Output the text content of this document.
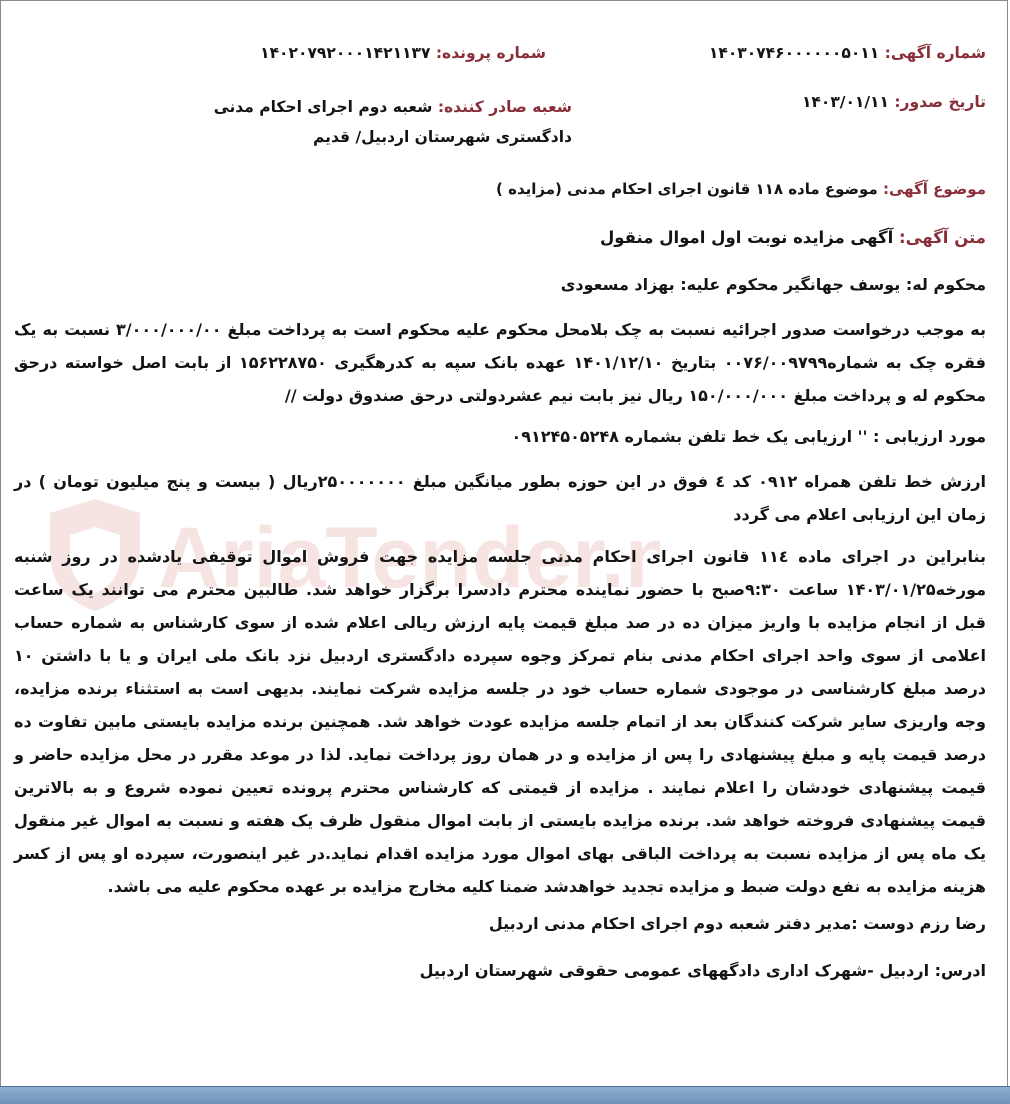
AriaTender.n
شماره آگهی: ۱۴۰۳۰۷۴۶۰۰۰۰۰۰۵۰۱۱
شماره پرونده: ۱۴۰۲۰۷۹۲۰۰۰۱۴۲۱۱۳۷
تاریخ صدور: ۱۴۰۳/۰۱/۱۱
شعبه صادر کننده: شعبه دوم اجرای احکام مدنی دادگستری شهرستان اردبیل/ قدیم
موضوع آگهی: موضوع ماده ۱۱۸ قانون اجرای احکام مدنی (مزایده )
متن آگهی: آگهی مزایده نوبت اول اموال منقول
محکوم له: یوسف جهانگیر محکوم علیه: بهزاد مسعودی
به موجب درخواست صدور اجرائیه نسبت به چک بلامحل محکوم علیه محکوم است به پرداخت مبلغ ۳/۰۰۰/۰۰۰/۰۰ نسبت به یک فقره چک به شماره۰۰۷۶/۰۰۹۷۹۹ بتاریخ ۱۴۰۱/۱۲/۱۰ عهده بانک سپه به کدرهگیری ۱۵۶۲۲۸۷۵۰ از بابت اصل خواسته درحق محکوم له و پرداخت مبلغ ۱۵۰/۰۰۰/۰۰۰ ریال نیز بابت نیم عشردولتی درحق صندوق دولت //
مورد ارزیابی : '' ارزیابی یک خط تلفن بشماره ۰۹۱۲۴۵۰۵۲۴۸
ارزش خط تلفن همراه ۰۹۱۲ کد ٤ فوق در این حوزه بطور میانگین مبلغ ۲۵۰۰۰۰۰۰۰ریال ( بیست و پنج میلیون تومان ) در زمان این ارزیابی اعلام می گردد
بنابراین در اجرای ماده ۱۱٤ قانون اجرای احکام مدنی جلسه مزایده جهت فروش اموال توقیفی یادشده در روز شنبه مورخه۱۴۰۳/۰۱/۲۵ ساعت ۹:۳۰صبح با حضور نماینده محترم دادسرا برگزار خواهد شد. طالبین محترم می توانند یک ساعت قبل از انجام مزایده با واریز میزان ده در صد مبلغ قیمت پایه ارزش ریالی اعلام شده از سوی کارشناس به شماره حساب اعلامی از سوی واحد اجرای احکام مدنی بنام تمرکز وجوه سپرده دادگستری اردبیل نزد بانک ملی ایران و یا با داشتن ۱۰ درصد مبلغ کارشناسی در موجودی شماره حساب خود در جلسه مزایده شرکت نمایند. بدیهی است به استثناء برنده مزایده، وجه واریزی سایر شرکت کنندگان بعد از اتمام جلسه مزایده عودت خواهد شد. همچنین برنده مزایده بایستی مابین تفاوت ده درصد قیمت پایه و مبلغ پیشنهادی را پس از مزایده و در همان روز پرداخت نماید. لذا در موعد مقرر در محل مزایده حاضر و قیمت پیشنهادی خودشان را اعلام نمایند . مزایده از قیمتی که کارشناس محترم پرونده تعیین نموده شروع و به بالاترین قیمت پیشنهادی فروخته خواهد شد. برنده مزایده بایستی از بابت اموال منقول ظرف یک هفته و نسبت به اموال غیر منقول یک ماه پس از مزایده نسبت به پرداخت الباقی بهای اموال مورد مزایده اقدام نماید.در غیر اینصورت، سپرده او پس از کسر هزینه مزایده به نفع دولت ضبط و مزایده تجدید خواهدشد ضمنا کلیه مخارج مزایده بر عهده محکوم علیه می باشد.
رضا رزم دوست :مدیر دفتر شعبه دوم اجرای احکام مدنی اردبیل
ادرس: اردبیل -شهرک اداری دادگههای عمومی حقوقی شهرستان اردبیل
